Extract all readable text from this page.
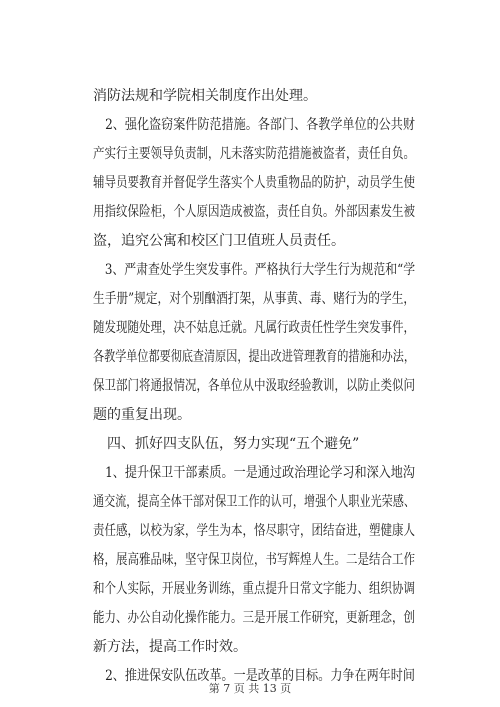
消防法规和学院相关制度作出处理。
　2、强化盗窃案件防范措施。各部门、各教学单位的公共财
产实行主要领导负责制，凡未落实防范措施被盗者，责任自负。
辅导员要教育并督促学生落实个人贵重物品的防护，动员学生使
用指纹保险柜，个人原因造成被盗，责任自负。外部因素发生被
盗，追究公寓和校区门卫值班人员责任。
　3、严肃查处学生突发事件。严格执行大学生行为规范和“学
生手册”规定，对个别酗酒打架，从事黄、毒、赌行为的学生，
随发现随处理，决不姑息迁就。凡属行政责任性学生突发事件，
各教学单位都要彻底查清原因，提出改进管理教育的措施和办法，
保卫部门将通报情况，各单位从中汲取经验教训，以防止类似问
题的重复出现。
　四、抓好四支队伍，努力实现“五个避免”
　1、提升保卫干部素质。一是通过政治理论学习和深入地沟
通交流，提高全体干部对保卫工作的认可，增强个人职业光荣感、
责任感，以校为家，学生为本，恪尽职守，团结奋进，塑健康人
格，展高雅品味，坚守保卫岗位，书写辉煌人生。二是结合工作
和个人实际，开展业务训练，重点提升日常文字能力、组织协调
能力、办公自动化操作能力。三是开展工作研究，更新理念，创
新方法，提高工作时效。
　2、推进保安队伍改革。一是改革的目标。力争在两年时间
第 7 页 共 13 页
